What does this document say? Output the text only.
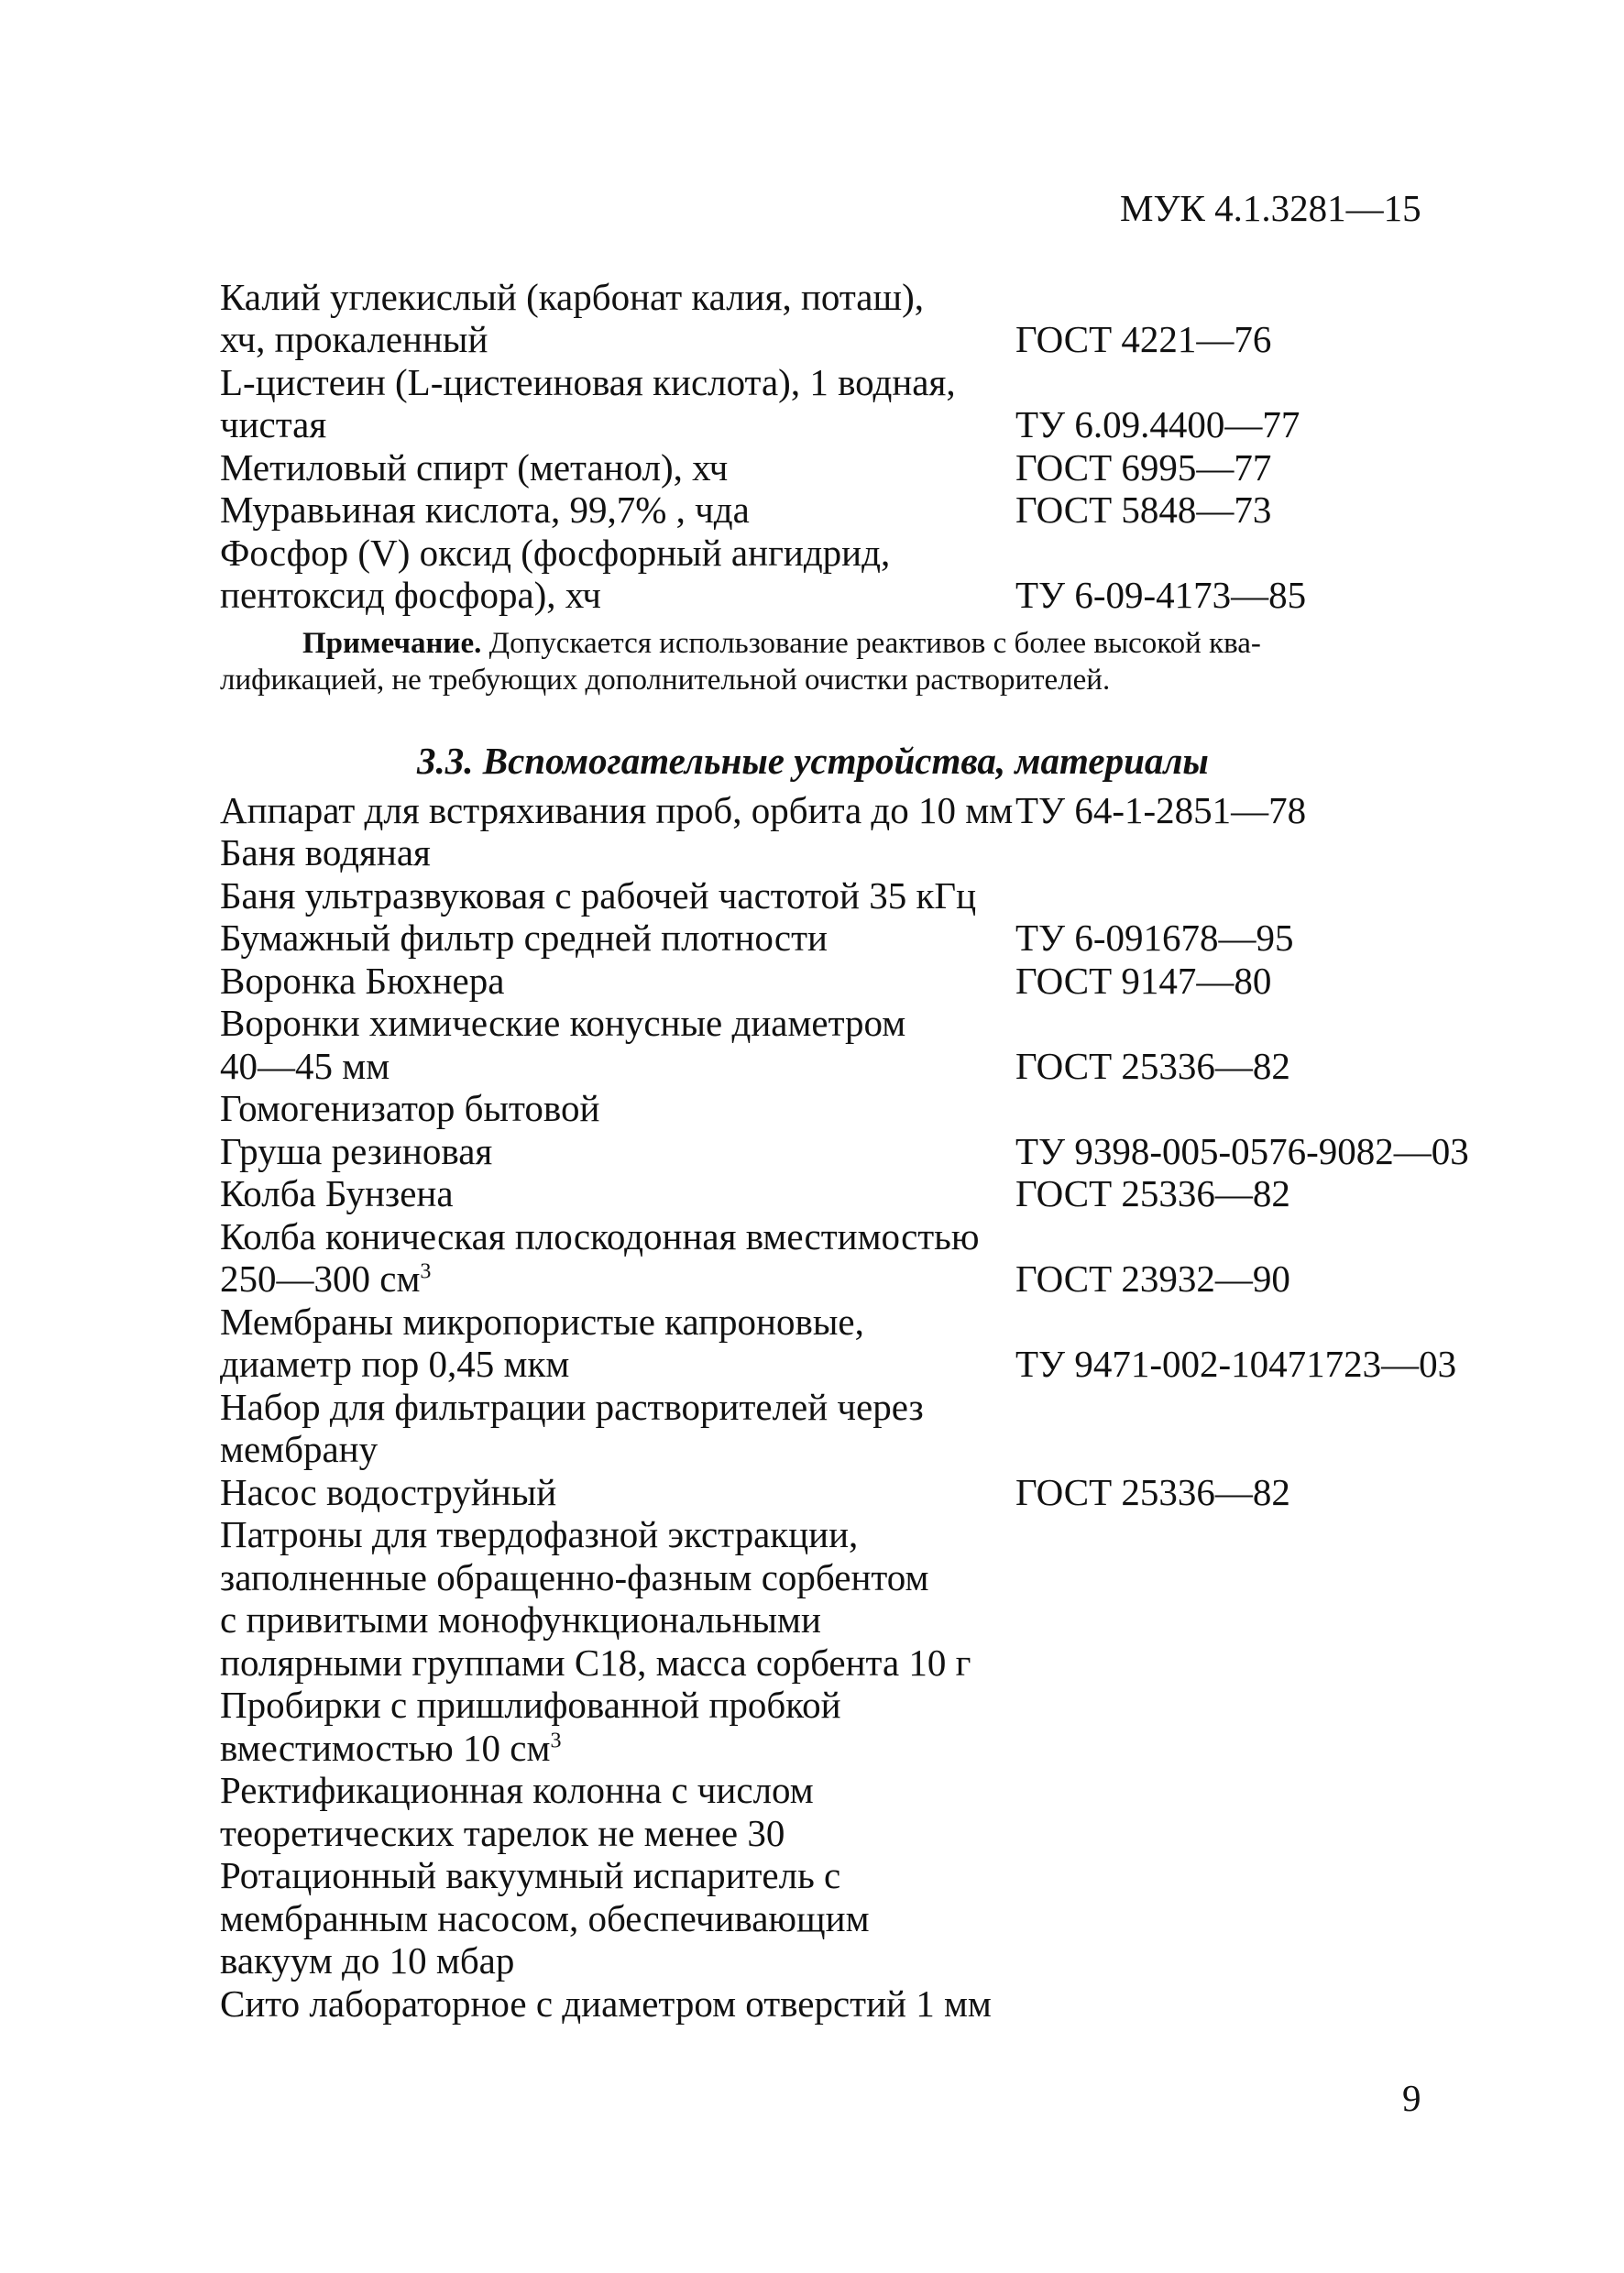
МУК 4.1.3281—15
Калий углекислый (карбонат калия, поташ),
хч, прокаленный	ГОСТ 4221—76
L-цистеин (L-цистеиновая кислота), 1 водная,
чистая	ТУ 6.09.4400—77
Метиловый спирт (метанол), хч	ГОСТ 6995—77
Муравьиная кислота, 99,7% , чда	ГОСТ 5848—73
Фосфор (V) оксид (фосфорный ангидрид,
пентоксид фосфора), хч	ТУ 6-09-4173—85
Примечание. Допускается использование реактивов с более высокой ква-
лификацией, не требующих дополнительной очистки растворителей.
3.3. Вспомогательные устройства, материалы
Аппарат для встряхивания проб, орбита до 10 мм ТУ 64-1-2851—78
Баня водяная
Баня ультразвуковая с рабочей частотой 35 кГц
Бумажный фильтр средней плотности	ТУ 6-091678—95
Воронка Бюхнера	ГОСТ 9147—80
Воронки химические конусные диаметром
40—45 мм	ГОСТ 25336—82
Гомогенизатор бытовой
Груша резиновая	ТУ 9398-005-0576-9082—03
Колба Бунзена	ГОСТ 25336—82
Колба коническая плоскодонная вместимостью
250—300 $см^3$	ГОСТ 23932—90
Мембраны микропористые капроновые,
диаметр пор 0,45 мкм	ТУ 9471-002-10471723—03
Набор для фильтрации растворителей через
мембрану
Насос водоструйный	ГОСТ 25336—82
Патроны для твердофазной экстракции,
заполненные обращенно-фазным сорбентом
с привитыми монофункциональными
полярными группами С18, масса сорбента 10 г
Пробирки с пришлифованной пробкой
вместимостью 10 $см^3$
Ректификационная колонна с числом
теоретических тарелок не менее 30
Ротационный вакуумный испаритель с
мембранным насосом, обеспечивающим
вакуум до 10 мбар
Сито лабораторное с диаметром отверстий 1 мм
9
